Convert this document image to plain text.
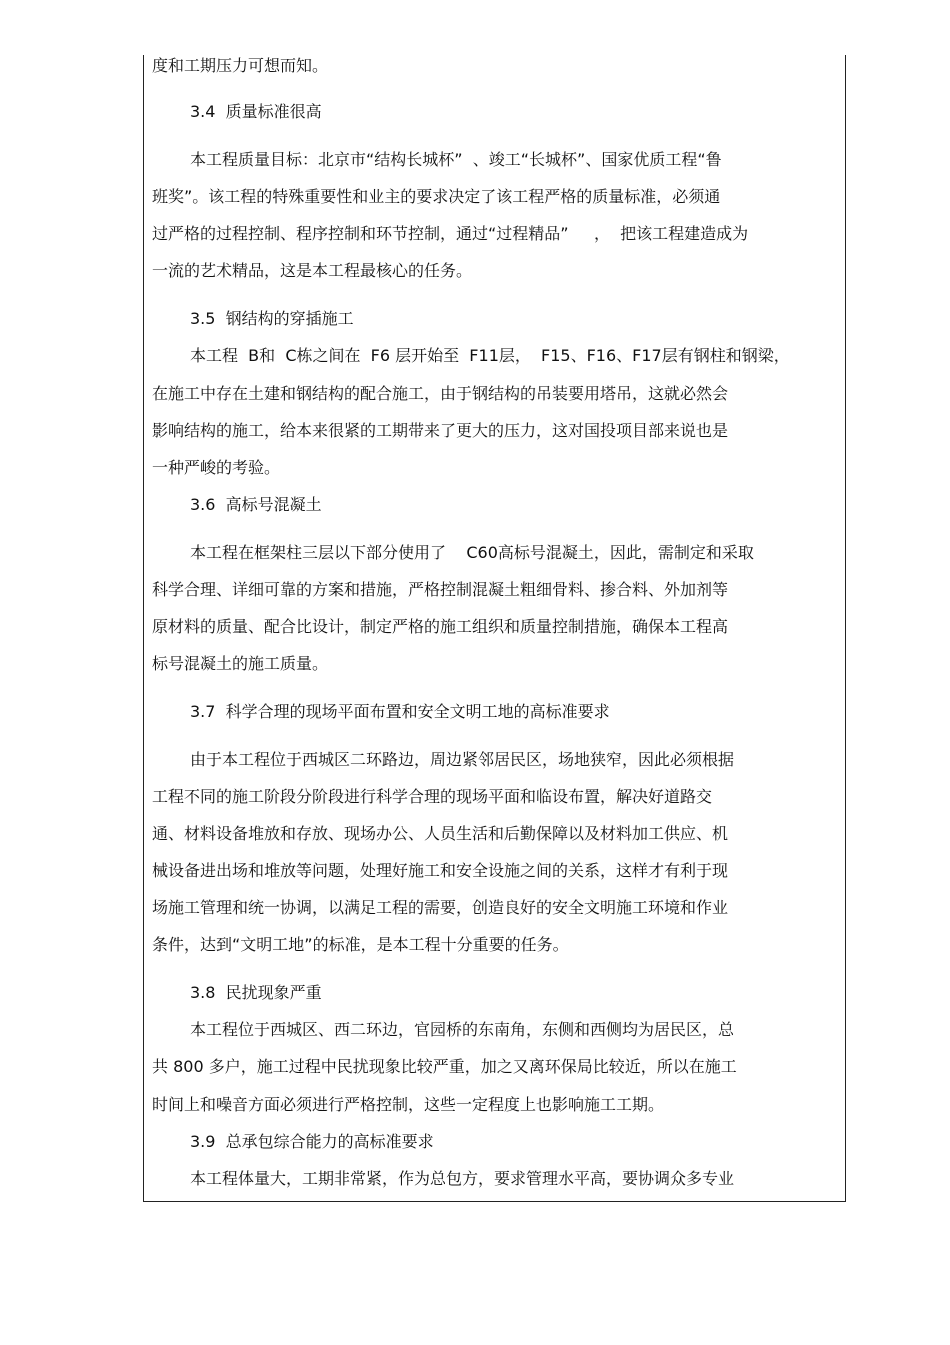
度和工期压力可想而知。
3.4  质量标准很高
本工程质量目标：北京市“结构长城杯”  、竣工“长城杯”、国家优质工程“鲁
班奖”。该工程的特殊重要性和业主的要求决定了该工程严格的质量标准，必须通
过严格的过程控制、程序控制和环节控制，通过“过程精品”     ，  把该工程建造成为
一流的艺术精品，这是本工程最核心的任务。
3.5  钢结构的穿插施工
本工程  B和  C栋之间在  F6 层开始至  F11层，  F15、F16、F17层有钢柱和钢梁，
在施工中存在土建和钢结构的配合施工，由于钢结构的吊装要用塔吊，这就必然会
影响结构的施工，给本来很紧的工期带来了更大的压力，这对国投项目部来说也是
一种严峻的考验。
3.6  高标号混凝土
本工程在框架柱三层以下部分使用了    C60高标号混凝土，因此，需制定和采取
科学合理、详细可靠的方案和措施，严格控制混凝土粗细骨料、掺合料、外加剂等
原材料的质量、配合比设计，制定严格的施工组织和质量控制措施，确保本工程高
标号混凝土的施工质量。
3.7  科学合理的现场平面布置和安全文明工地的高标准要求
由于本工程位于西城区二环路边，周边紧邻居民区，场地狭窄，因此必须根据
工程不同的施工阶段分阶段进行科学合理的现场平面和临设布置，解决好道路交
通、材料设备堆放和存放、现场办公、人员生活和后勤保障以及材料加工供应、机
械设备进出场和堆放等问题，处理好施工和安全设施之间的关系，这样才有利于现
场施工管理和统一协调，以满足工程的需要，创造良好的安全文明施工环境和作业
条件，达到“文明工地”的标准，是本工程十分重要的任务。
3.8  民扰现象严重
本工程位于西城区、西二环边，官园桥的东南角，东侧和西侧均为居民区，总
共 800 多户，施工过程中民扰现象比较严重，加之又离环保局比较近，所以在施工
时间上和噪音方面必须进行严格控制，这些一定程度上也影响施工工期。
3.9  总承包综合能力的高标准要求
本工程体量大，工期非常紧，作为总包方，要求管理水平高，要协调众多专业
